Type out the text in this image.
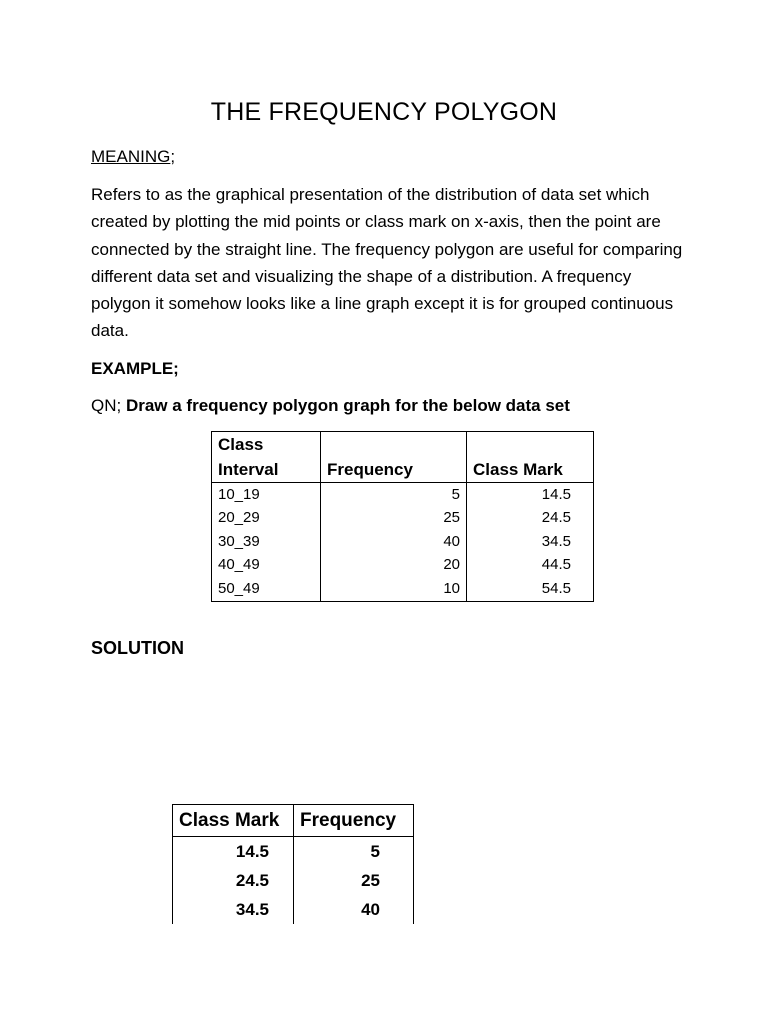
THE FREQUENCY POLYGON
MEANING;

Refers to as the graphical presentation of the distribution of data set which created by plotting the mid points or class mark on x-axis, then the point are connected by the straight line. The frequency polygon are useful for comparing different data set and visualizing the shape of a distribution. A frequency polygon it somehow looks like a line graph except it is for grouped continuous data.

EXAMPLE;
QN; Draw a frequency polygon graph for the below data set
Class
Interval	Frequency	Class Mark
10_19	5	14.5
20_29	25	24.5
30_39	40	34.5
40_49	20	44.5
50_49	10	54.5
SOLUTION
Class Mark	Frequency
14.5	5
24.5	25
34.5	40
